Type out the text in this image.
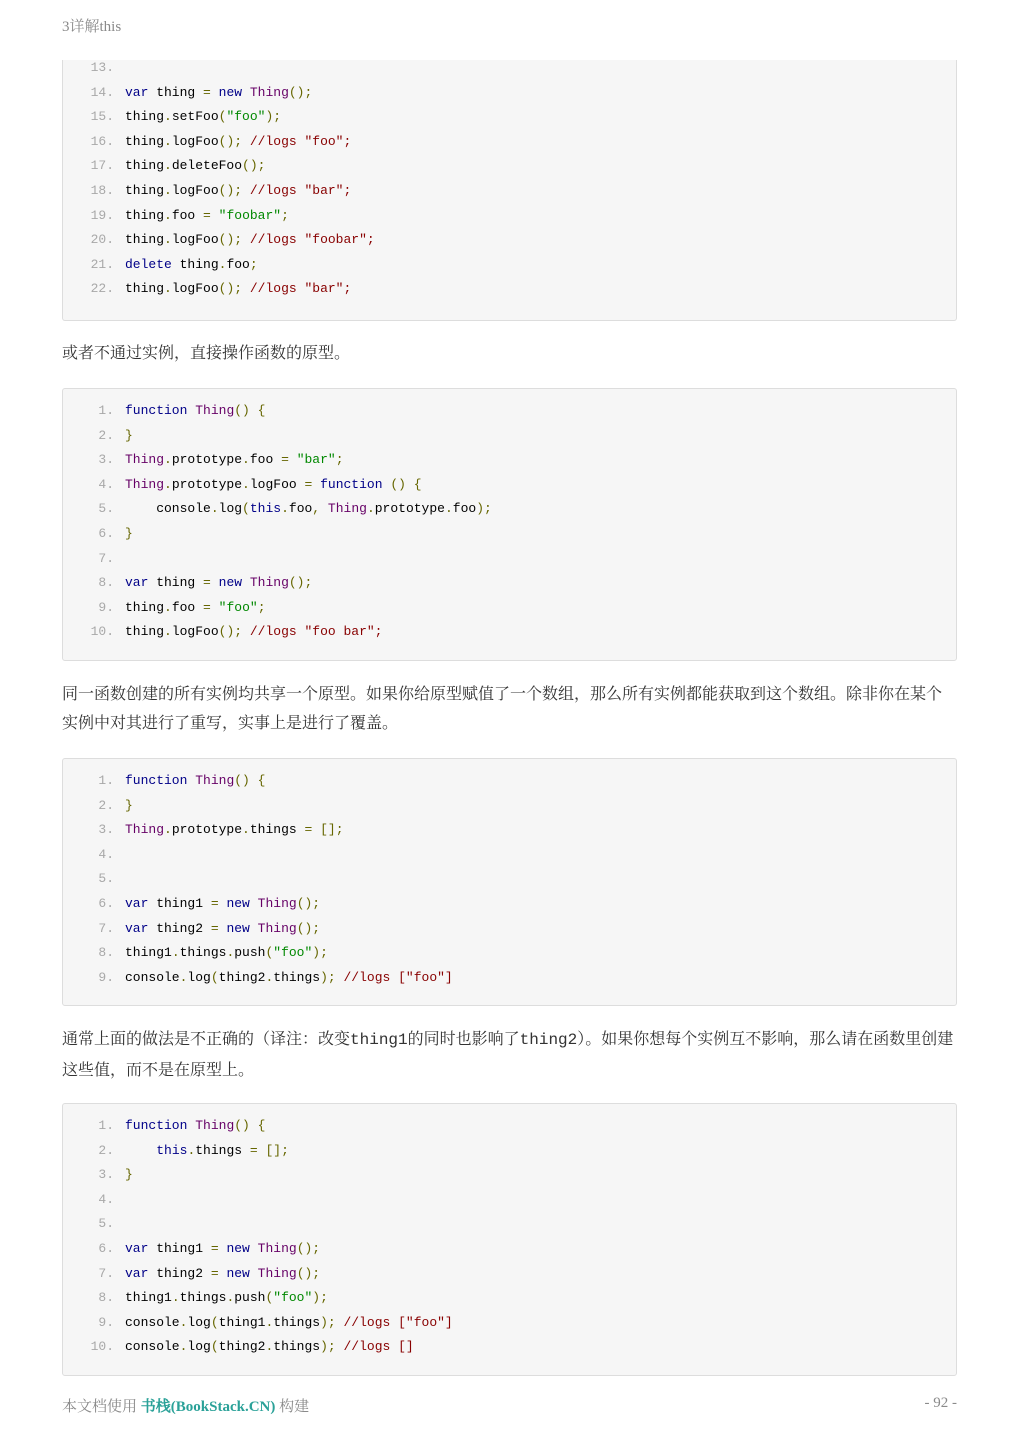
3详解this
13.
14. var thing = new Thing();
15. thing.setFoo("foo");
16. thing.logFoo(); //logs "foo";
17. thing.deleteFoo();
18. thing.logFoo(); //logs "bar";
19. thing.foo = "foobar";
20. thing.logFoo(); //logs "foobar";
21. delete thing.foo;
22. thing.logFoo(); //logs "bar";
或者不通过实例，直接操作函数的原型。
1. function Thing() {
2. }
3. Thing.prototype.foo = "bar";
4. Thing.prototype.logFoo = function () {
5. console.log(this.foo, Thing.prototype.foo);
6. }
7.
8. var thing = new Thing();
9. thing.foo = "foo";
10. thing.logFoo(); //logs "foo bar";
同一函数创建的所有实例均共享一个原型。如果你给原型赋值了一个数组，那么所有实例都能获取到这个数组。除非你在某个实例中对其进行了重写，实事上是进行了覆盖。
1. function Thing() {
2. }
3. Thing.prototype.things = [];
4.
5.
6. var thing1 = new Thing();
7. var thing2 = new Thing();
8. thing1.things.push("foo");
9. console.log(thing2.things); //logs ["foo"]
通常上面的做法是不正确的（译注：改变thing1的同时也影响了thing2）。如果你想每个实例互不影响，那么请在函数里创建这些值，而不是在原型上。
1. function Thing() {
2.	this.things = [];
3. }
4.
5.
6. var thing1 = new Thing();
7. var thing2 = new Thing();
8. thing1.things.push("foo");
9. console.log(thing1.things); //logs ["foo"]
10. console.log(thing2.things); //logs []
本文档使用 书栈(BookStack.CN) 构建	- 92 -
